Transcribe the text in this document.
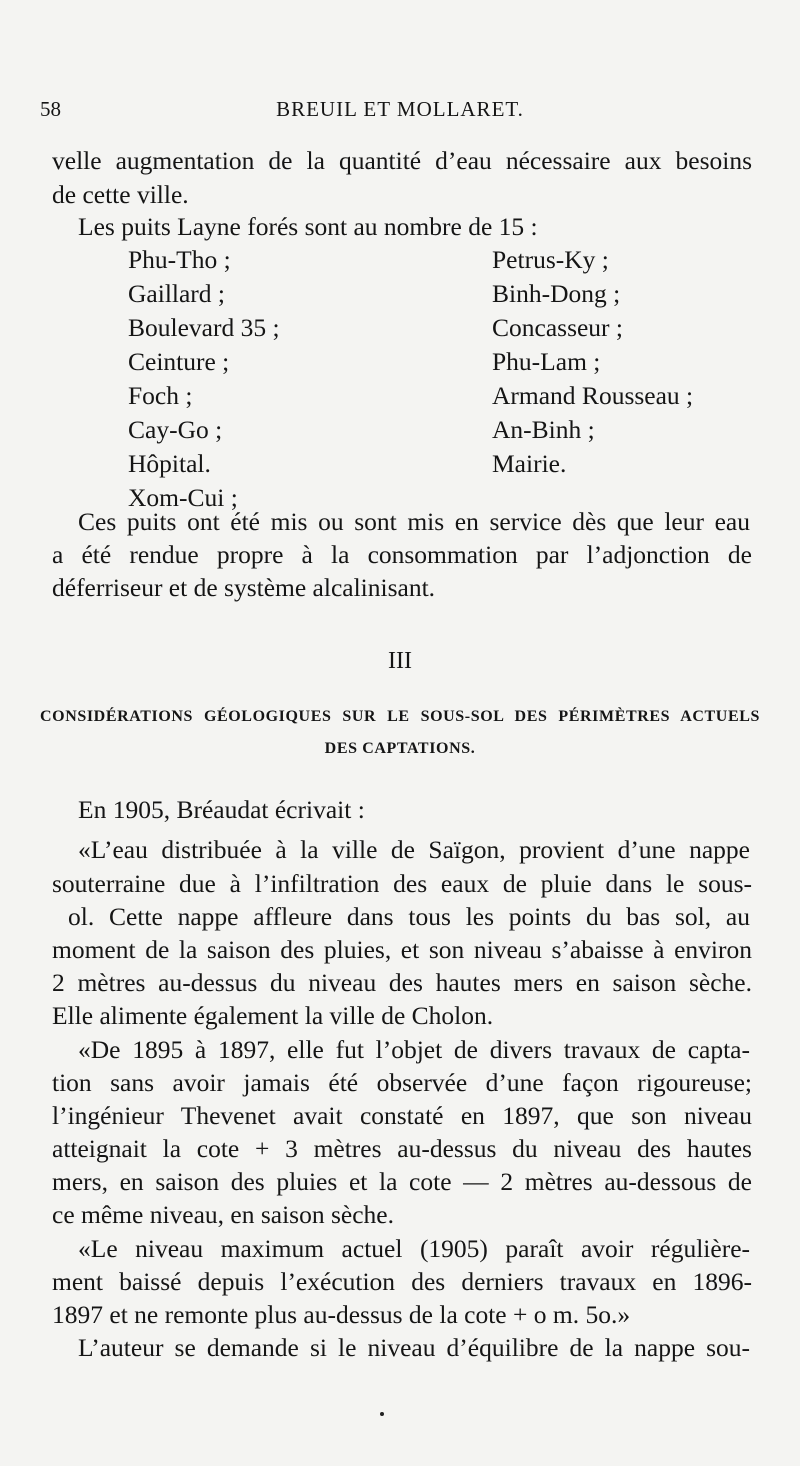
58	BREUIL ET MOLLARET.
velle augmentation de la quantité d’eau nécessaire aux besoins
de cette ville.
Les puits Layne forés sont au nombre de 15 :
Phu-Tho ;
Gaillard ;
Boulevard 35 ;
Ceinture ;
Foch ;
Cay-Go ;
Hôpital.
Xom-Cui ;
Petrus-Ky ;
Binh-Dong ;
Concasseur ;
Phu-Lam ;
Armand Rousseau ;
An-Binh ;
Mairie.
Ces puits ont été mis ou sont mis en service dès que leur eau
a été rendue propre à la consommation par l’adjonction de
déferriseur et de système alcalinisant.
III
CONSIDÉRATIONS GÉOLOGIQUES SUR LE SOUS-SOL DES PÉRIMÈTRES ACTUELS
DES CAPTATIONS.
En 1905, Bréaudat écrivait :
«L’eau distribuée à la ville de Saïgon, provient d’une nappe
souterraine due à l’infiltration des eaux de pluie dans le sous-
ol. Cette nappe affleure dans tous les points du bas sol, au
moment de la saison des pluies, et son niveau s’abaisse à environ
2 mètres au-dessus du niveau des hautes mers en saison sèche.
Elle alimente également la ville de Cholon.
«De 1895 à 1897, elle fut l’objet de divers travaux de capta-
tion sans avoir jamais été observée d’une façon rigoureuse;
l’ingénieur Thevenet avait constaté en 1897, que son niveau
atteignait la cote + 3 mètres au-dessus du niveau des hautes
mers, en saison des pluies et la cote — 2 mètres au-dessous de
ce même niveau, en saison sèche.
«Le niveau maximum actuel (1905) paraît avoir régulière-
ment baissé depuis l’exécution des derniers travaux en 1896-
1897 et ne remonte plus au-dessus de la cote + o m. 5o.»
L’auteur se demande si le niveau d’équilibre de la nappe sou-
